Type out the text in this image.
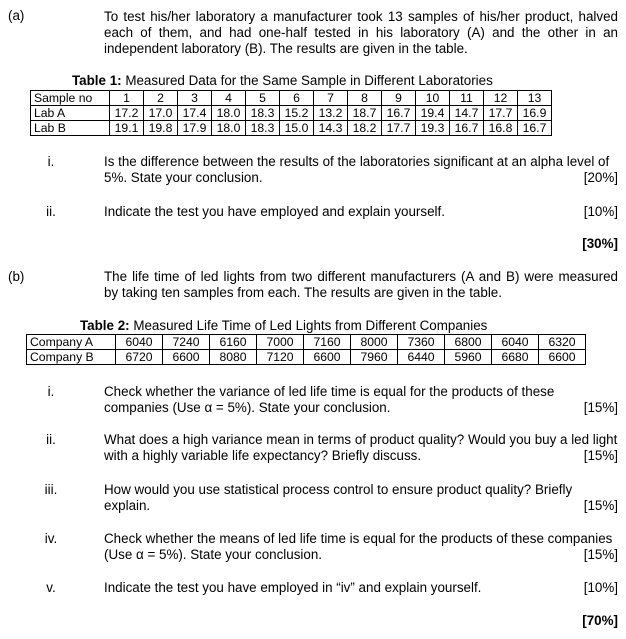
(a)	To test his/her laboratory a manufacturer took 13 samples of his/her product, halved each of them, and had one-half tested in his laboratory (A) and the other in an independent laboratory (B). The results are given in the table.
Table 1: Measured Data for the Same Sample in Different Laboratories
Sample no	1	2	3	4	5	6	7	8	9	10	11	12	13
Lab A	17.2	17.0	17.4	18.0	18.3	15.2	13.2	18.7	16.7	19.4	14.7	17.7	16.9
Lab B	19.1	19.8	17.9	18.0	18.3	15.0	14.3	18.2	17.7	19.3	16.7	16.8	16.7
i.	Is the difference between the results of the laboratories significant at an alpha level of 5%. State your conclusion.	[20%]
ii.	Indicate the test you have employed and explain yourself.	[10%]
[30%]
(b)	The life time of led lights from two different manufacturers (A and B) were measured by taking ten samples from each. The results are given in the table.
Table 2: Measured Life Time of Led Lights from Different Companies
Company A	6040	7240	6160	7000	7160	8000	7360	6800	6040	6320
Company B	6720	6600	8080	7120	6600	7960	6440	5960	6680	6600
i.	Check whether the variance of led life time is equal for the products of these companies (Use α = 5%). State your conclusion.	[15%]
ii.	What does a high variance mean in terms of product quality? Would you buy a led light with a highly variable life expectancy? Briefly discuss.	[15%]
iii.	How would you use statistical process control to ensure product quality? Briefly explain.	[15%]
iv.	Check whether the means of led life time is equal for the products of these companies (Use α = 5%). State your conclusion.	[15%]
v.	Indicate the test you have employed in “iv” and explain yourself.	[10%]
[70%]
